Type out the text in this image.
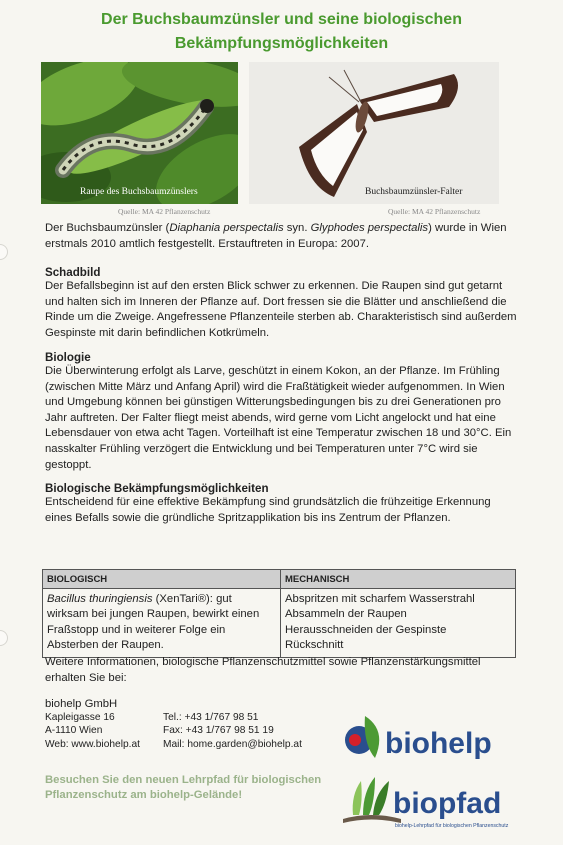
Der Buchsbaumzünsler und seine biologischen
Bekämpfungsmöglichkeiten
Raupe des Buchsbaumzünslers
Quelle: MA 42 Pflanzenschutz
Buchsbaumzünsler-Falter
Quelle: MA 42 Pflanzenschutz

Der Buchsbaumzünsler (Diaphania perspectalis syn. Glyphodes perspectalis) wurde in Wien erstmals 2010 amtlich festgestellt. Erstauftreten in Europa: 2007.

Schadbild

Der Befallsbeginn ist auf den ersten Blick schwer zu erkennen. Die Raupen sind gut getarnt und halten sich im Inneren der Pflanze auf. Dort fressen sie die Blätter und anschließend die Rinde um die Zweige. Angefressene Pflanzenteile sterben ab. Charakteristisch sind außerdem Gespinste mit darin befindlichen Kotkrümeln.

Biologie

Die Überwinterung erfolgt als Larve, geschützt in einem Kokon, an der Pflanze. Im Frühling (zwischen Mitte März und Anfang April) wird die Fraßtätigkeit wieder aufgenommen. In Wien und Umgebung können bei günstigen Witterungsbedingungen bis zu drei Generationen pro Jahr auftreten. Der Falter fliegt meist abends, wird gerne vom Licht angelockt und hat eine Lebensdauer von etwa acht Tagen. Vorteilhaft ist eine Temperatur zwischen 18 und 30°C. Ein nasskalter Frühling verzögert die Entwicklung und bei Temperaturen unter 7°C wird sie gestoppt.

Biologische Bekämpfungsmöglichkeiten

Entscheidend für eine effektive Bekämpfung sind grundsätzlich die frühzeitige Erkennung eines Befalls sowie die gründliche Spritzapplikation bis ins Zentrum der Pflanzen.

BIOLOGISCH	MECHANISCH
Bacillus thuringiensis (XenTari®): gut wirksam bei jungen Raupen, bewirkt einen Fraßstopp und in weiterer Folge ein Absterben der Raupen.	Abspritzen mit scharfem Wasserstrahl
Absammeln der Raupen
Herausschneiden der Gespinste
Rückschnitt

Weitere Informationen, biologische Pflanzenschutzmittel sowie Pflanzenstärkungsmittel erhalten Sie bei:

biohelp GmbH
Kapleigasse 16
A-1110 Wien
Web: www.biohelp.at
Tel.: +43 1/767 98 51
Fax: +43 1/767 98 51 19
Mail: home.garden@biohelp.at
Besuchen Sie den neuen Lehrpfad für biologischen
Pflanzenschutz am biohelp-Gelände!
biohelp
biopfad
biohelp-Lehrpfad für biologischen Pflanzenschutz
